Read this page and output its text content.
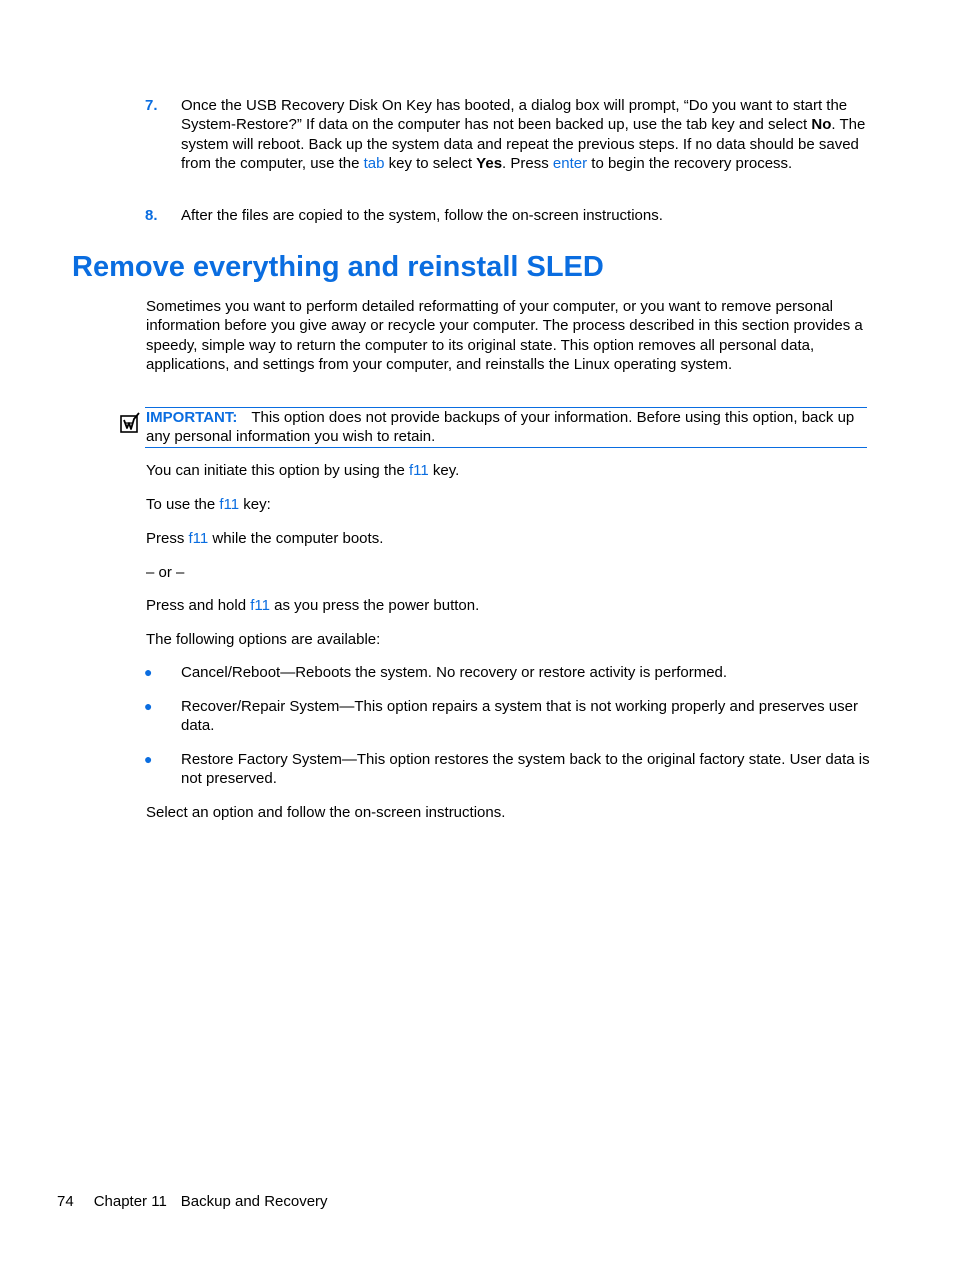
7. Once the USB Recovery Disk On Key has booted, a dialog box will prompt, “Do you want to start the System-Restore?” If data on the computer has not been backed up, use the tab key and select No. The system will reboot. Back up the system data and repeat the previous steps. If no data should be saved from the computer, use the tab key to select Yes. Press enter to begin the recovery process.
8. After the files are copied to the system, follow the on-screen instructions.
Remove everything and reinstall SLED

Sometimes you want to perform detailed reformatting of your computer, or you want to remove personal information before you give away or recycle your computer. The process described in this section provides a speedy, simple way to return the computer to its original state. This option removes all personal data, applications, and settings from your computer, and reinstalls the Linux operating system.

IMPORTANT: This option does not provide backups of your information. Before using this option, back up any personal information you wish to retain.

You can initiate this option by using the f11 key.

To use the f11 key:

Press f11 while the computer boots.

– or –

Press and hold f11 as you press the power button.

The following options are available:

● Cancel/Reboot—Reboots the system. No recovery or restore activity is performed.
● Recover/Repair System—This option repairs a system that is not working properly and preserves user data.
● Restore Factory System—This option restores the system back to the original factory state. User data is not preserved.

Select an option and follow the on-screen instructions.

74 Chapter 11 Backup and Recovery
